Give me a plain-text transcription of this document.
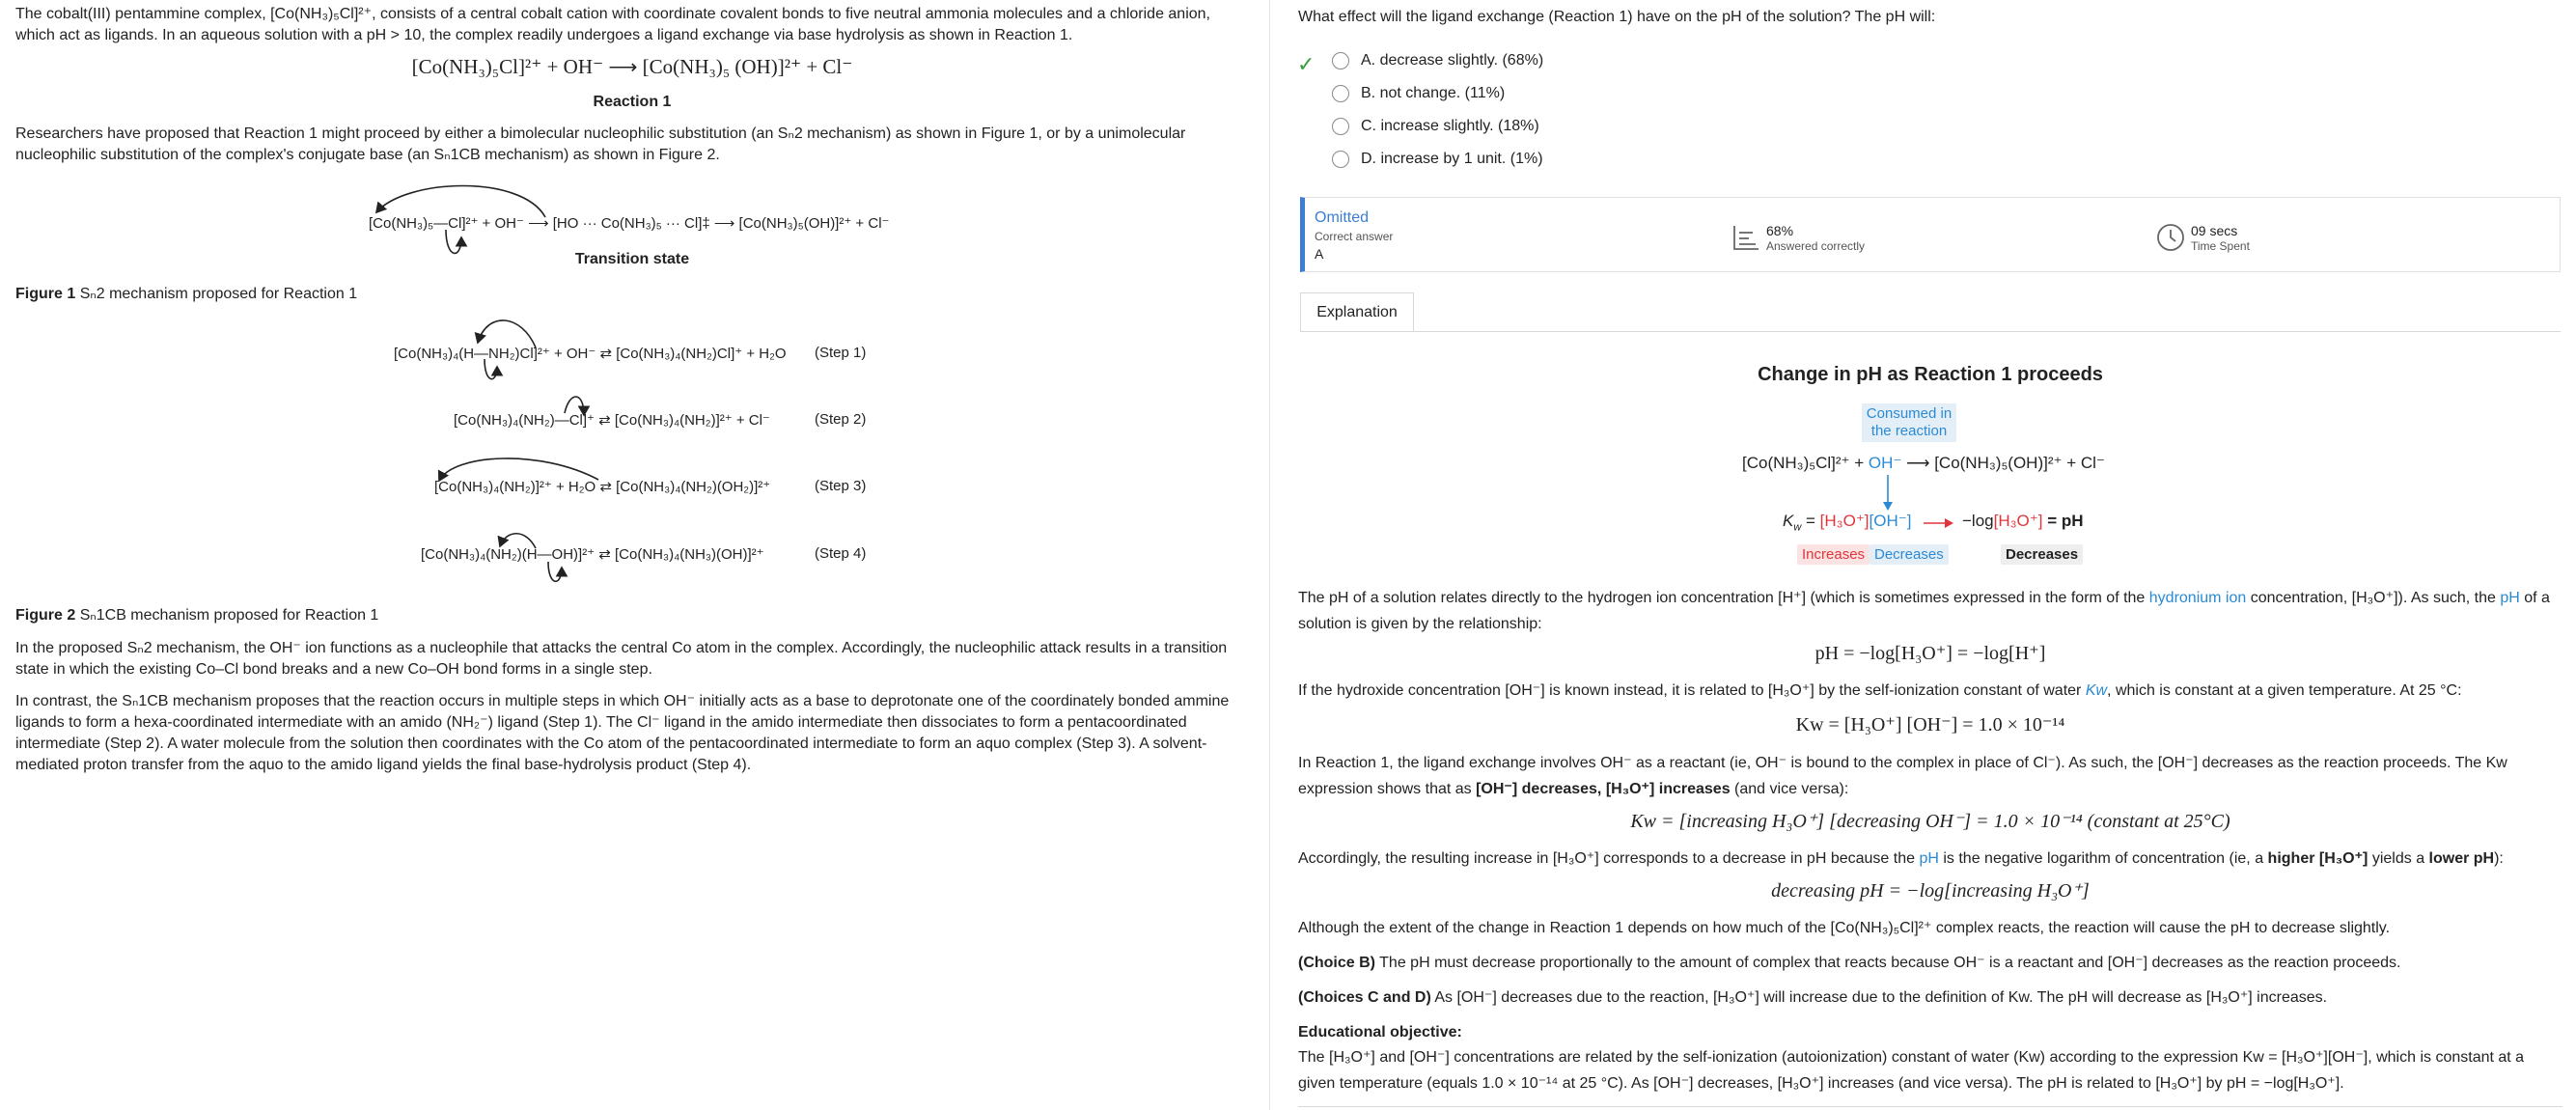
The cobalt(III) pentammine complex, [Co(NH₃)₅Cl]²⁺, consists of a central cobalt cation with coordinate covalent bonds to five neutral ammonia molecules and a chloride anion, which act as ligands. In an aqueous solution with a pH > 10, the complex readily undergoes a ligand exchange via base hydrolysis as shown in Reaction 1.
[Co(NH₃)₅Cl]²⁺ + OH⁻ ⟶ [Co(NH₃)₅ (OH)]²⁺ + Cl⁻
Reaction 1
Researchers have proposed that Reaction 1 might proceed by either a bimolecular nucleophilic substitution (an Sₙ2 mechanism) as shown in Figure 1, or by a unimolecular nucleophilic substitution of the complex's conjugate base (an Sₙ1CB mechanism) as shown in Figure 2.
[Co(NH₃)₅—Cl]²⁺ + OH⁻ ⟶ [HO ··· Co(NH₃)₅ ··· Cl]‡ ⟶ [Co(NH₃)₅(OH)]²⁺ + Cl⁻
Transition state
Figure 1 Sₙ2 mechanism proposed for Reaction 1
[Co(NH₃)₄(H—NH₂)Cl]²⁺ + OH⁻ ⇄ [Co(NH₃)₄(NH₂)Cl]⁺ + H₂O (Step 1)
[Co(NH₃)₄(NH₂)—Cl]⁺ ⇄ [Co(NH₃)₄(NH₂)]²⁺ + Cl⁻	(Step 2)
[Co(NH₃)₄(NH₂)]²⁺ + H₂O ⇄ [Co(NH₃)₄(NH₂)(OH₂)]²⁺	(Step 3)
[Co(NH₃)₄(NH₂)(H—OH)]²⁺ ⇄ [Co(NH₃)₄(NH₃)(OH)]²⁺	(Step 4)
Figure 2 Sₙ1CB mechanism proposed for Reaction 1
In the proposed Sₙ2 mechanism, the OH⁻ ion functions as a nucleophile that attacks the central Co atom in the complex. Accordingly, the nucleophilic attack results in a transition state in which the existing Co–Cl bond breaks and a new Co–OH bond forms in a single step.
In contrast, the Sₙ1CB mechanism proposes that the reaction occurs in multiple steps in which OH⁻ initially acts as a base to deprotonate one of the coordinately bonded ammine ligands to form a hexa-coordinated intermediate with an amido (NH₂⁻) ligand (Step 1). The Cl⁻ ligand in the amido intermediate then dissociates to form a pentacoordinated intermediate (Step 2). A water molecule from the solution then coordinates with the Co atom of the pentacoordinated intermediate to form an aquo complex (Step 3). A solvent-mediated proton transfer from the aquo to the amido ligand yields the final base-hydrolysis product (Step 4).
What effect will the ligand exchange (Reaction 1) have on the pH of the solution? The pH will:
✓	A.
decrease slightly.
(68%)
B.
not change.
(11%)
C.
increase slightly.
(18%)
D.
increase by 1 unit.
(1%)
Omitted
Correct answer
A
68%
Answered correctly
09 secs
Time Spent
Explanation
Change in pH as Reaction 1 proceeds
Consumed in the reaction
[Co(NH₃)₅Cl]²⁺ + OH⁻ ⟶ [Co(NH₃)₅(OH)]²⁺ + Cl⁻
$K_w = [H_3O^+][OH^-]$	−log[H₃O⁺] = pH
Increases Decreases	Decreases
The pH of a solution relates directly to the hydrogen ion concentration [H⁺] (which is sometimes expressed in the form of the hydronium ion concentration, [H₃O⁺]). As such, the pH of a solution is given by the relationship:
pH = −log[H₃O⁺] = −log[H⁺]
If the hydroxide concentration [OH⁻] is known instead, it is related to [H₃O⁺] by the self-ionization constant of water Kw, which is constant at a given temperature. At 25 °C:
Kw = [H₃O⁺] [OH⁻] = 1.0 × 10⁻¹⁴
In Reaction 1, the ligand exchange involves OH⁻ as a reactant (ie, OH⁻ is bound to the complex in place of Cl⁻). As such, the [OH⁻] decreases as the reaction proceeds. The Kw expression shows that as [OH⁻] decreases, [H₃O⁺] increases (and vice versa):
Kw = [increasing H₃O⁺] [decreasing OH⁻] = 1.0 × 10⁻¹⁴ (constant at 25°C)
Accordingly, the resulting increase in [H₃O⁺] corresponds to a decrease in pH because the pH is the negative logarithm of concentration (ie, a higher [H₃O⁺] yields a lower pH):
decreasing pH = −log[increasing H₃O⁺]
Although the extent of the change in Reaction 1 depends on how much of the [Co(NH₃)₅Cl]²⁺ complex reacts, the reaction will cause the pH to decrease slightly.
(Choice B) The pH must decrease proportionally to the amount of complex that reacts because OH⁻ is a reactant and [OH⁻] decreases as the reaction proceeds.
(Choices C and D) As [OH⁻] decreases due to the reaction, [H₃O⁺] will increase due to the definition of Kw. The pH will decrease as [H₃O⁺] increases.
Educational objective:
The [H₃O⁺] and [OH⁻] concentrations are related by the self-ionization (autoionization) constant of water (Kw) according to the expression Kw = [H₃O⁺][OH⁻], which is constant at a given temperature (equals 1.0 × 10⁻¹⁴ at 25 °C). As [OH⁻] decreases, [H₃O⁺] increases (and vice versa). The pH is related to [H₃O⁺] by pH = −log[H₃O⁺].
